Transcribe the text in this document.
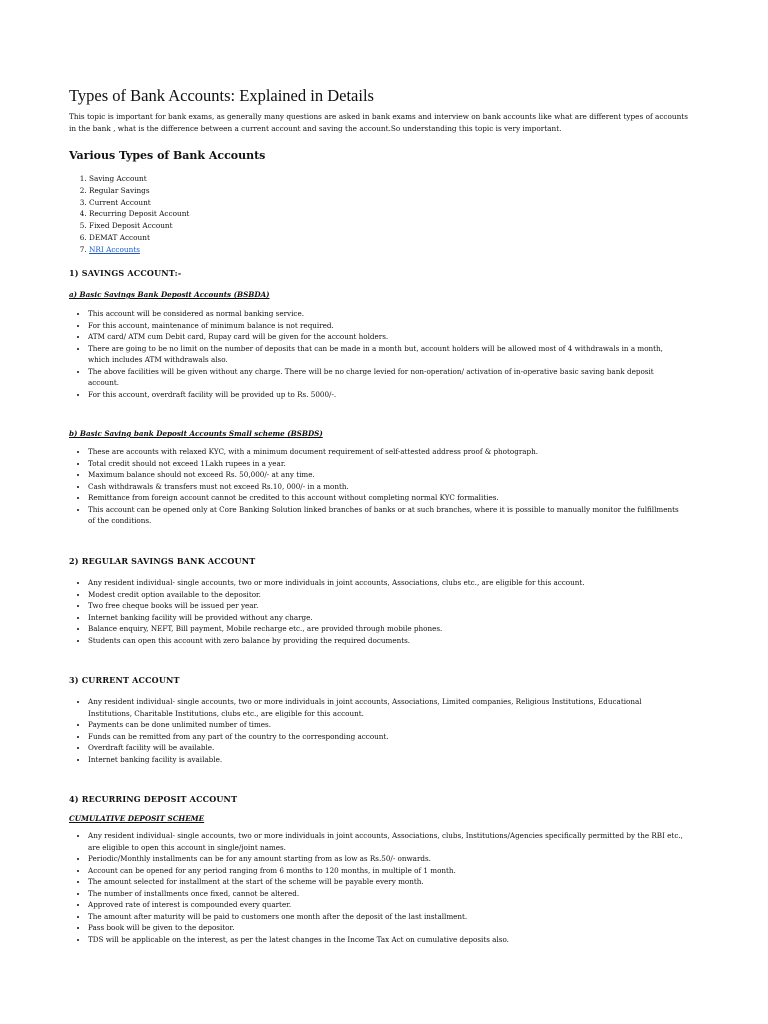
Types of Bank Accounts: Explained in Details

This topic is important for bank exams, as generally many questions are asked in bank exams and interview on bank accounts like what are different types of accounts in the bank , what is the difference between a current account and saving the account.So understanding this topic is very important.

Various Types of Bank Accounts
1. Saving Account
2. Regular Savings
3. Current Account
4. Recurring Deposit Account
5. Fixed Deposit Account
6. DEMAT Account
7. NRI Accounts
1) SAVINGS ACCOUNT:-

a) Basic Savings Bank Deposit Accounts (BSBDA)

• This account will be considered as normal banking service.
• For this account, maintenance of minimum balance is not required.
• ATM card/ ATM cum Debit card, Rupay card will be given for the account holders.
• There are going to be no limit on the number of deposits that can be made in a month but, account holders will be allowed most of 4 withdrawals in a month, which includes ATM withdrawals also.
• The above facilities will be given without any charge. There will be no charge levied for non-operation/ activation of in-operative basic saving bank deposit account.
• For this account, overdraft facility will be provided up to Rs. 5000/-.

b) Basic Saving bank Deposit Accounts Small scheme (BSBDS)

• These are accounts with relaxed KYC, with a minimum document requirement of self-attested address proof & photograph.
• Total credit should not exceed 1Lakh rupees in a year.
• Maximum balance should not exceed Rs. 50,000/- at any time.
• Cash withdrawals & transfers must not exceed Rs.10, 000/- in a month.
• Remittance from foreign account cannot be credited to this account without completing normal KYC formalities.
• This account can be opened only at Core Banking Solution linked branches of banks or at such branches, where it is possible to manually monitor the fulfillments of the conditions.
2) REGULAR SAVINGS BANK ACCOUNT
• Any resident individual- single accounts, two or more individuals in joint accounts, Associations, clubs etc., are eligible for this account.
• Modest credit option available to the depositor.
• Two free cheque books will be issued per year.
• Internet banking facility will be provided without any charge.
• Balance enquiry, NEFT, Bill payment, Mobile recharge etc., are provided through mobile phones.
• Students can open this account with zero balance by providing the required documents.
3) CURRENT ACCOUNT
• Any resident individual- single accounts, two or more individuals in joint accounts, Associations, Limited companies, Religious Institutions, Educational Institutions, Charitable Institutions, clubs etc., are eligible for this account.
• Payments can be done unlimited number of times.
• Funds can be remitted from any part of the country to the corresponding account.
• Overdraft facility will be available.
• Internet banking facility is available.
4) RECURRING DEPOSIT ACCOUNT

CUMULATIVE DEPOSIT SCHEME

• Any resident individual- single accounts, two or more individuals in joint accounts, Associations, clubs, Institutions/Agencies specifically permitted by the RBI etc., are eligible to open this account in single/joint names.
• Periodic/Monthly installments can be for any amount starting from as low as Rs.50/- onwards.
• Account can be opened for any period ranging from 6 months to 120 months, in multiple of 1 month.
• The amount selected for installment at the start of the scheme will be payable every month.
• The number of installments once fixed, cannot be altered.
• Approved rate of interest is compounded every quarter.
• The amount after maturity will be paid to customers one month after the deposit of the last installment.
• Pass book will be given to the depositor.
• TDS will be applicable on the interest, as per the latest changes in the Income Tax Act on cumulative deposits also.
